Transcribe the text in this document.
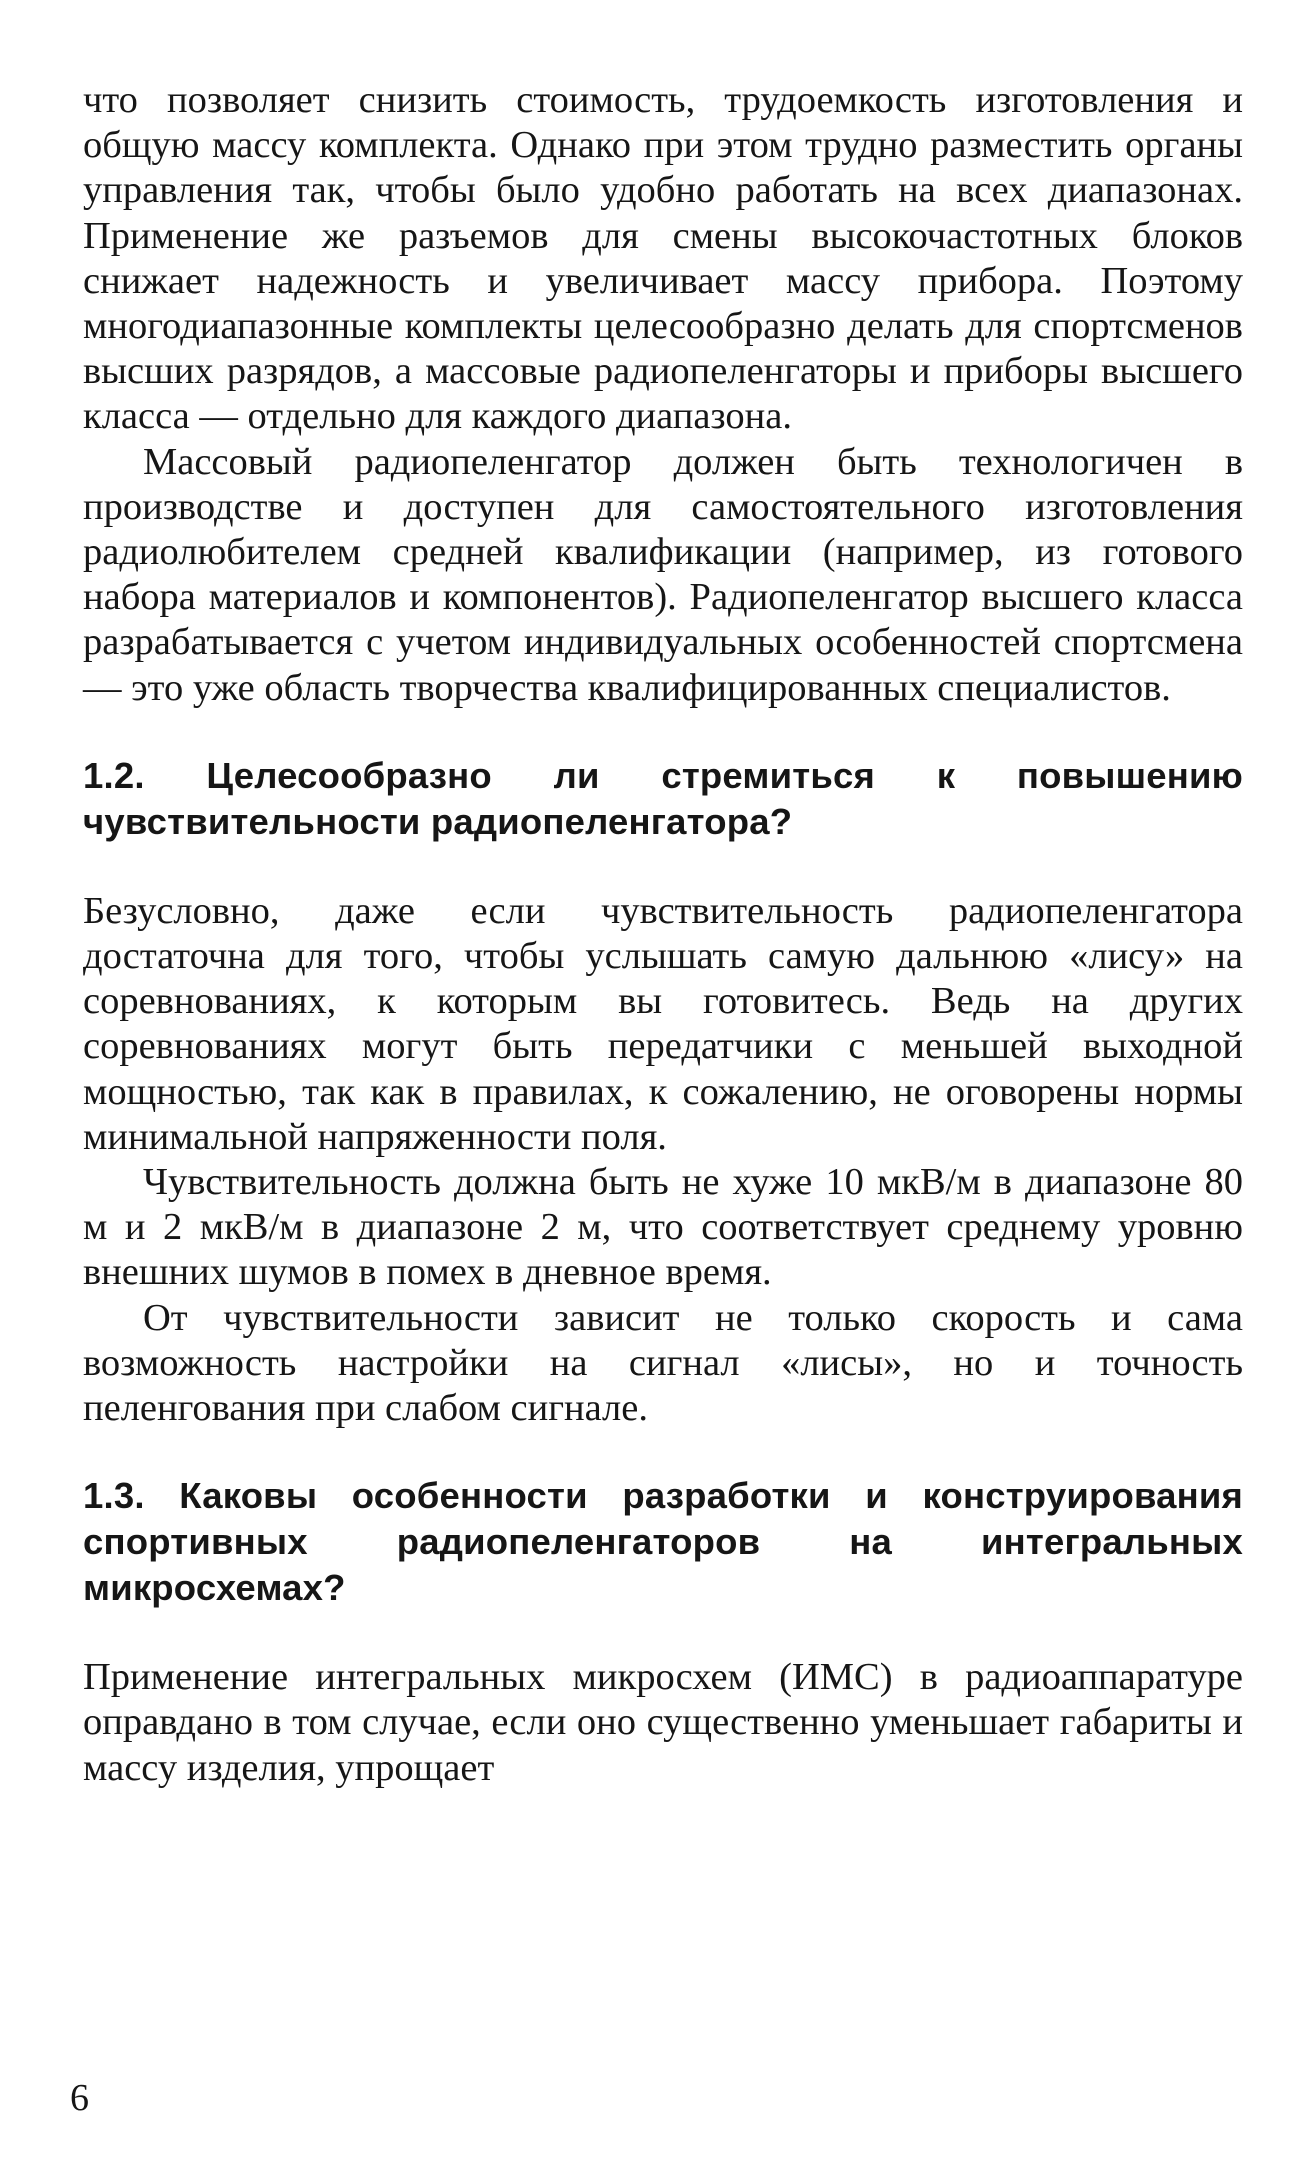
что позволяет снизить стоимость, трудоемкость изготовления и общую массу комплекта. Однако при этом трудно разместить органы управления так, чтобы было удобно работать на всех диапазонах. Применение же разъемов для смены высокочастотных блоков снижает надежность и увеличивает массу прибора. Поэтому многодиапазонные комплекты целесообразно делать для спортсменов высших разрядов, а массовые радиопеленгаторы и приборы высшего класса — отдельно для каждого диапазона.

Массовый радиопеленгатор должен быть технологичен в производстве и доступен для самостоятельного изготовления радиолюбителем средней квалификации (например, из готового набора материалов и компонентов). Радиопеленгатор высшего класса разрабатывается с учетом индивидуальных особенностей спортсмена — это уже область творчества квалифицированных специалистов.

1.2. Целесообразно ли стремиться к повышению чувствительности радиопеленгатора?

Безусловно, даже если чувствительность радиопеленгатора достаточна для того, чтобы услышать самую дальнюю «лису» на соревнованиях, к которым вы готовитесь. Ведь на других соревнованиях могут быть передатчики с меньшей выходной мощностью, так как в правилах, к сожалению, не оговорены нормы минимальной напряженности поля.

Чувствительность должна быть не хуже 10 мкВ/м в диапазоне 80 м и 2 мкВ/м в диапазоне 2 м, что соответствует среднему уровню внешних шумов в помех в дневное время.

От чувствительности зависит не только скорость и сама возможность настройки на сигнал «лисы», но и точность пеленгования при слабом сигнале.

1.3. Каковы особенности разработки и конструирования спортивных радиопеленгаторов на интегральных микросхемах?

Применение интегральных микросхем (ИМС) в радиоаппаратуре оправдано в том случае, если оно существенно уменьшает габариты и массу изделия, упрощает

6
